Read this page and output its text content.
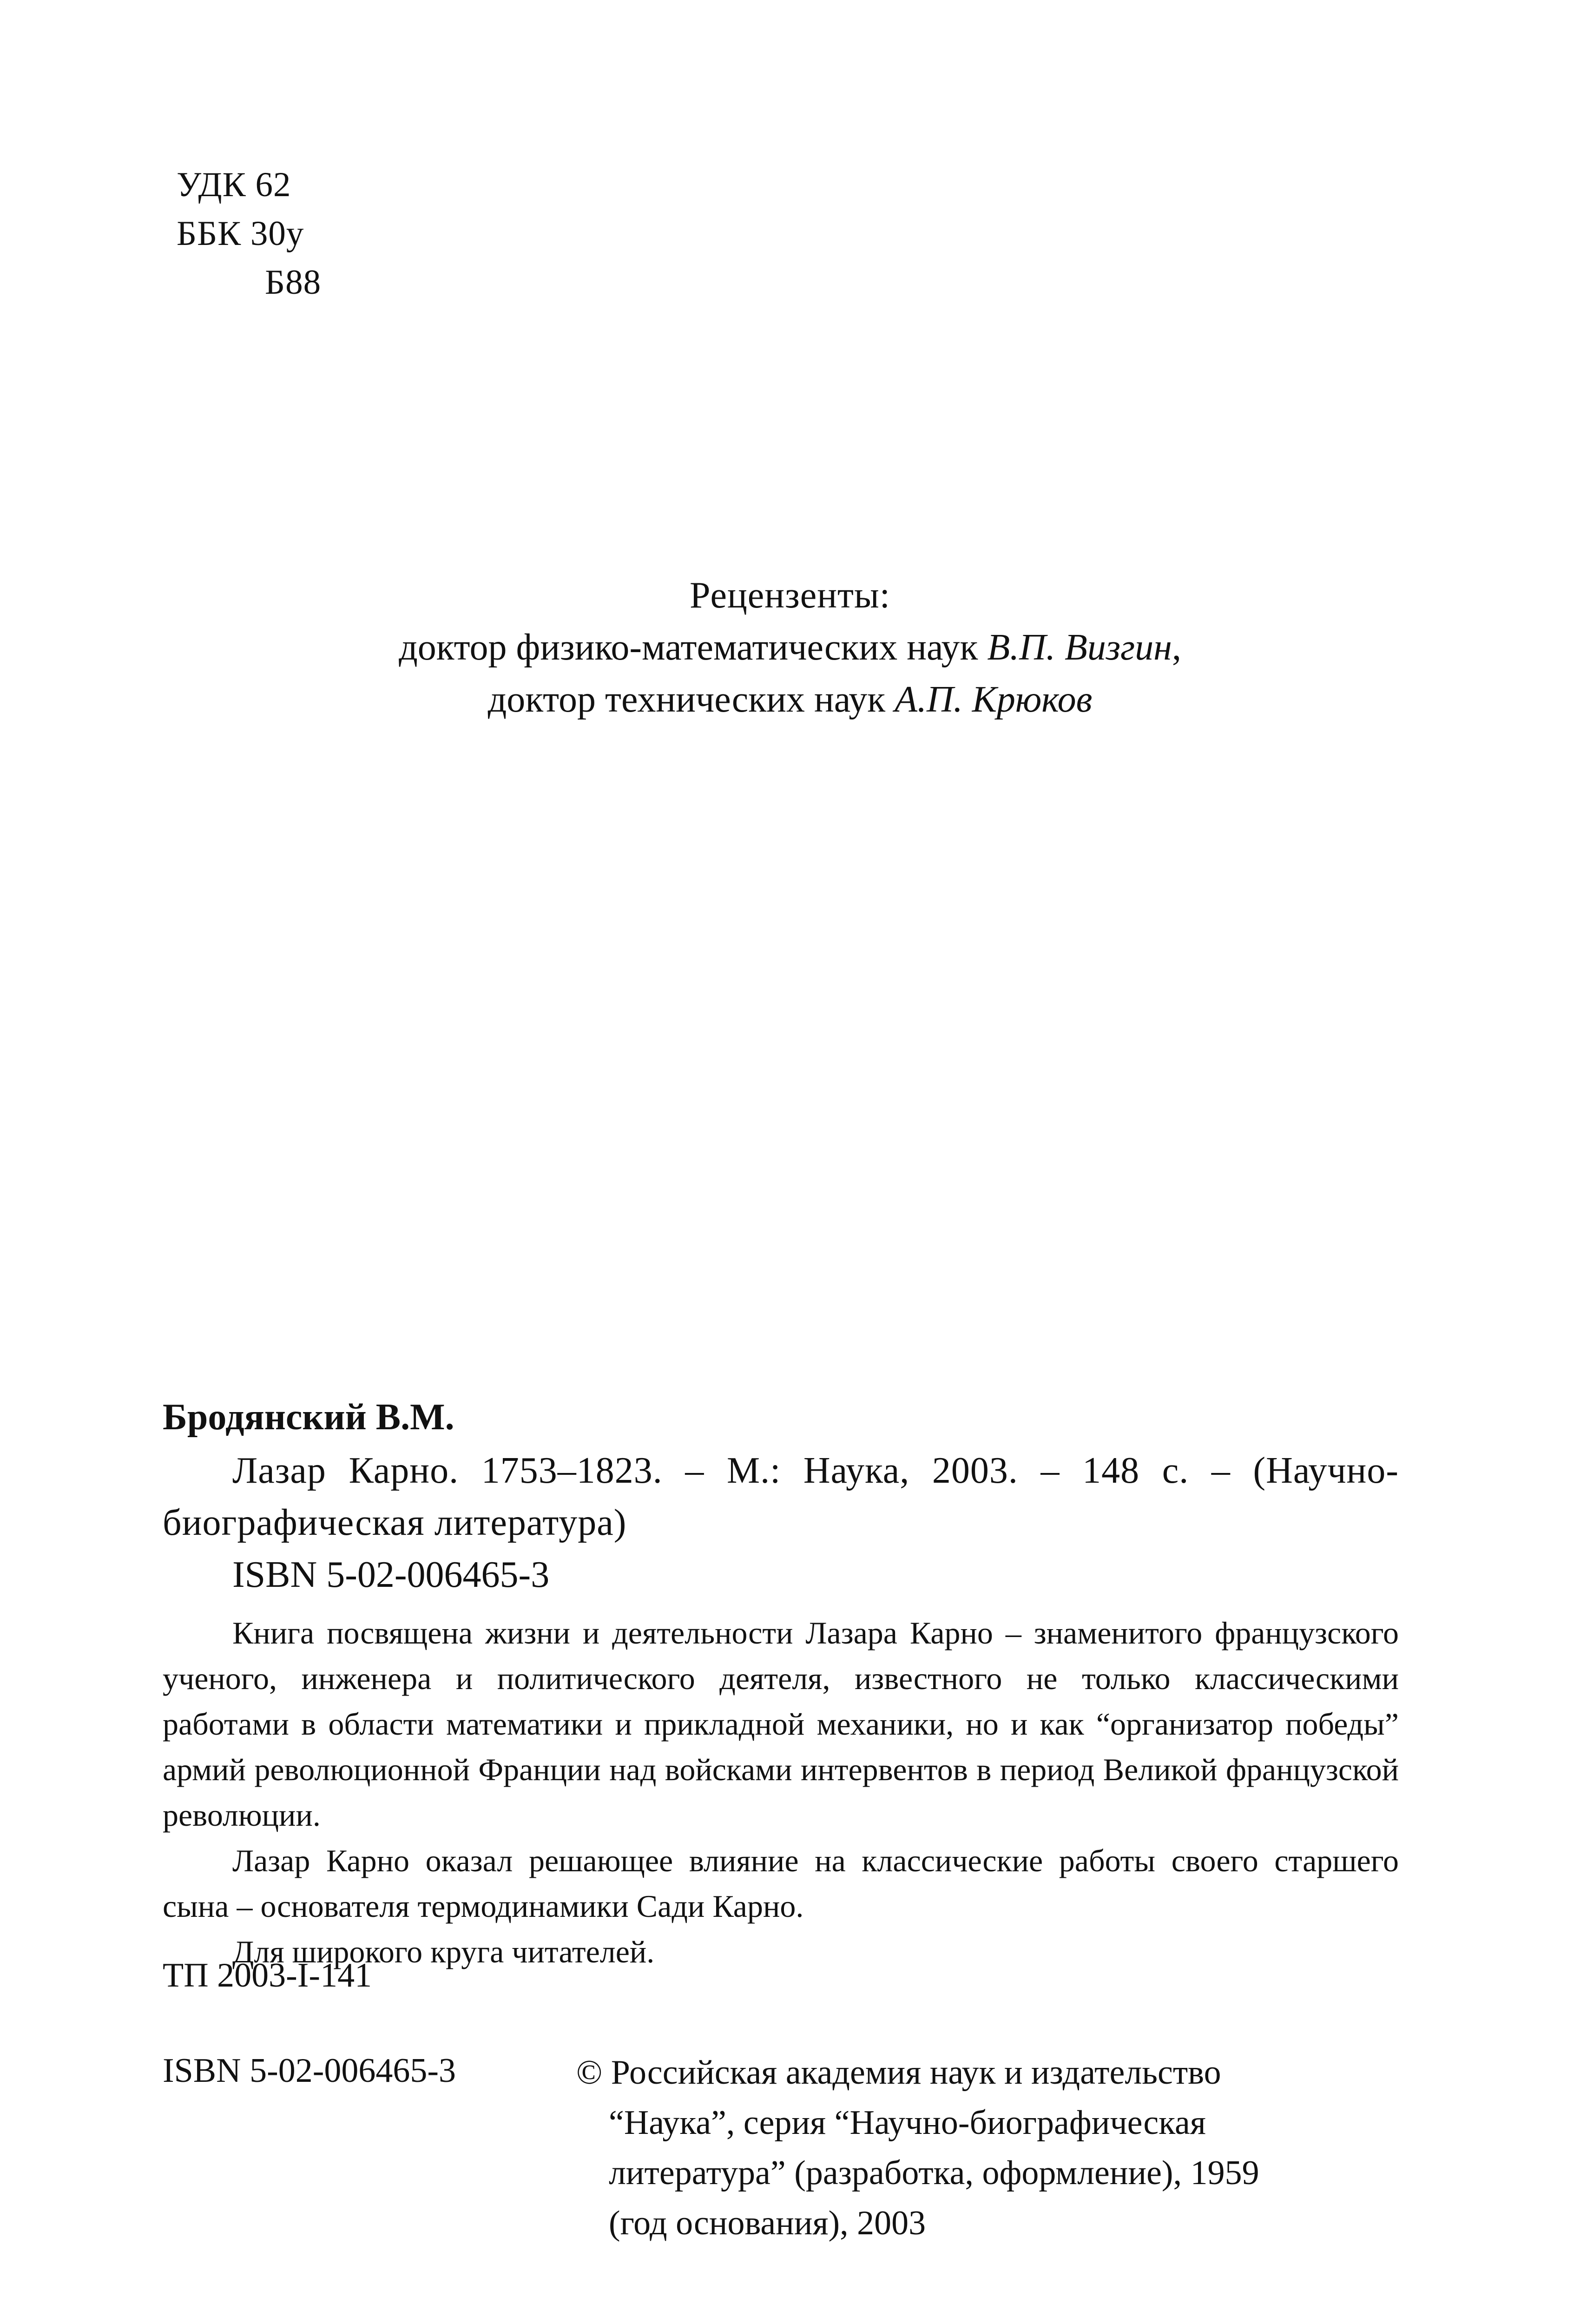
УДК 62
ББК 30у
Б88
Рецензенты:
доктор физико-математических наук В.П. Визгин,
доктор технических наук А.П. Крюков

Бродянский В.М.

Лазар Карно. 1753–1823. – М.: Наука, 2003. – 148 с. – (Научно-биографическая литература)

ISBN 5-02-006465-3

Книга посвящена жизни и деятельности Лазара Карно – знаменитого французского ученого, инженера и политического деятеля, известного не только классическими работами в области математики и прикладной механики, но и как “организатор победы” армий революционной Франции над войсками интервентов в период Великой французской революции.

Лазар Карно оказал решающее влияние на классические работы своего старшего сына – основателя термодинамики Сади Карно.

Для широкого круга читателей.

ТП 2003-I-141

ISBN 5-02-006465-3	© Российская академия наук и издательство
“Наука”, серия “Научно-биографическая
литература” (разработка, оформление), 1959
(год основания), 2003
